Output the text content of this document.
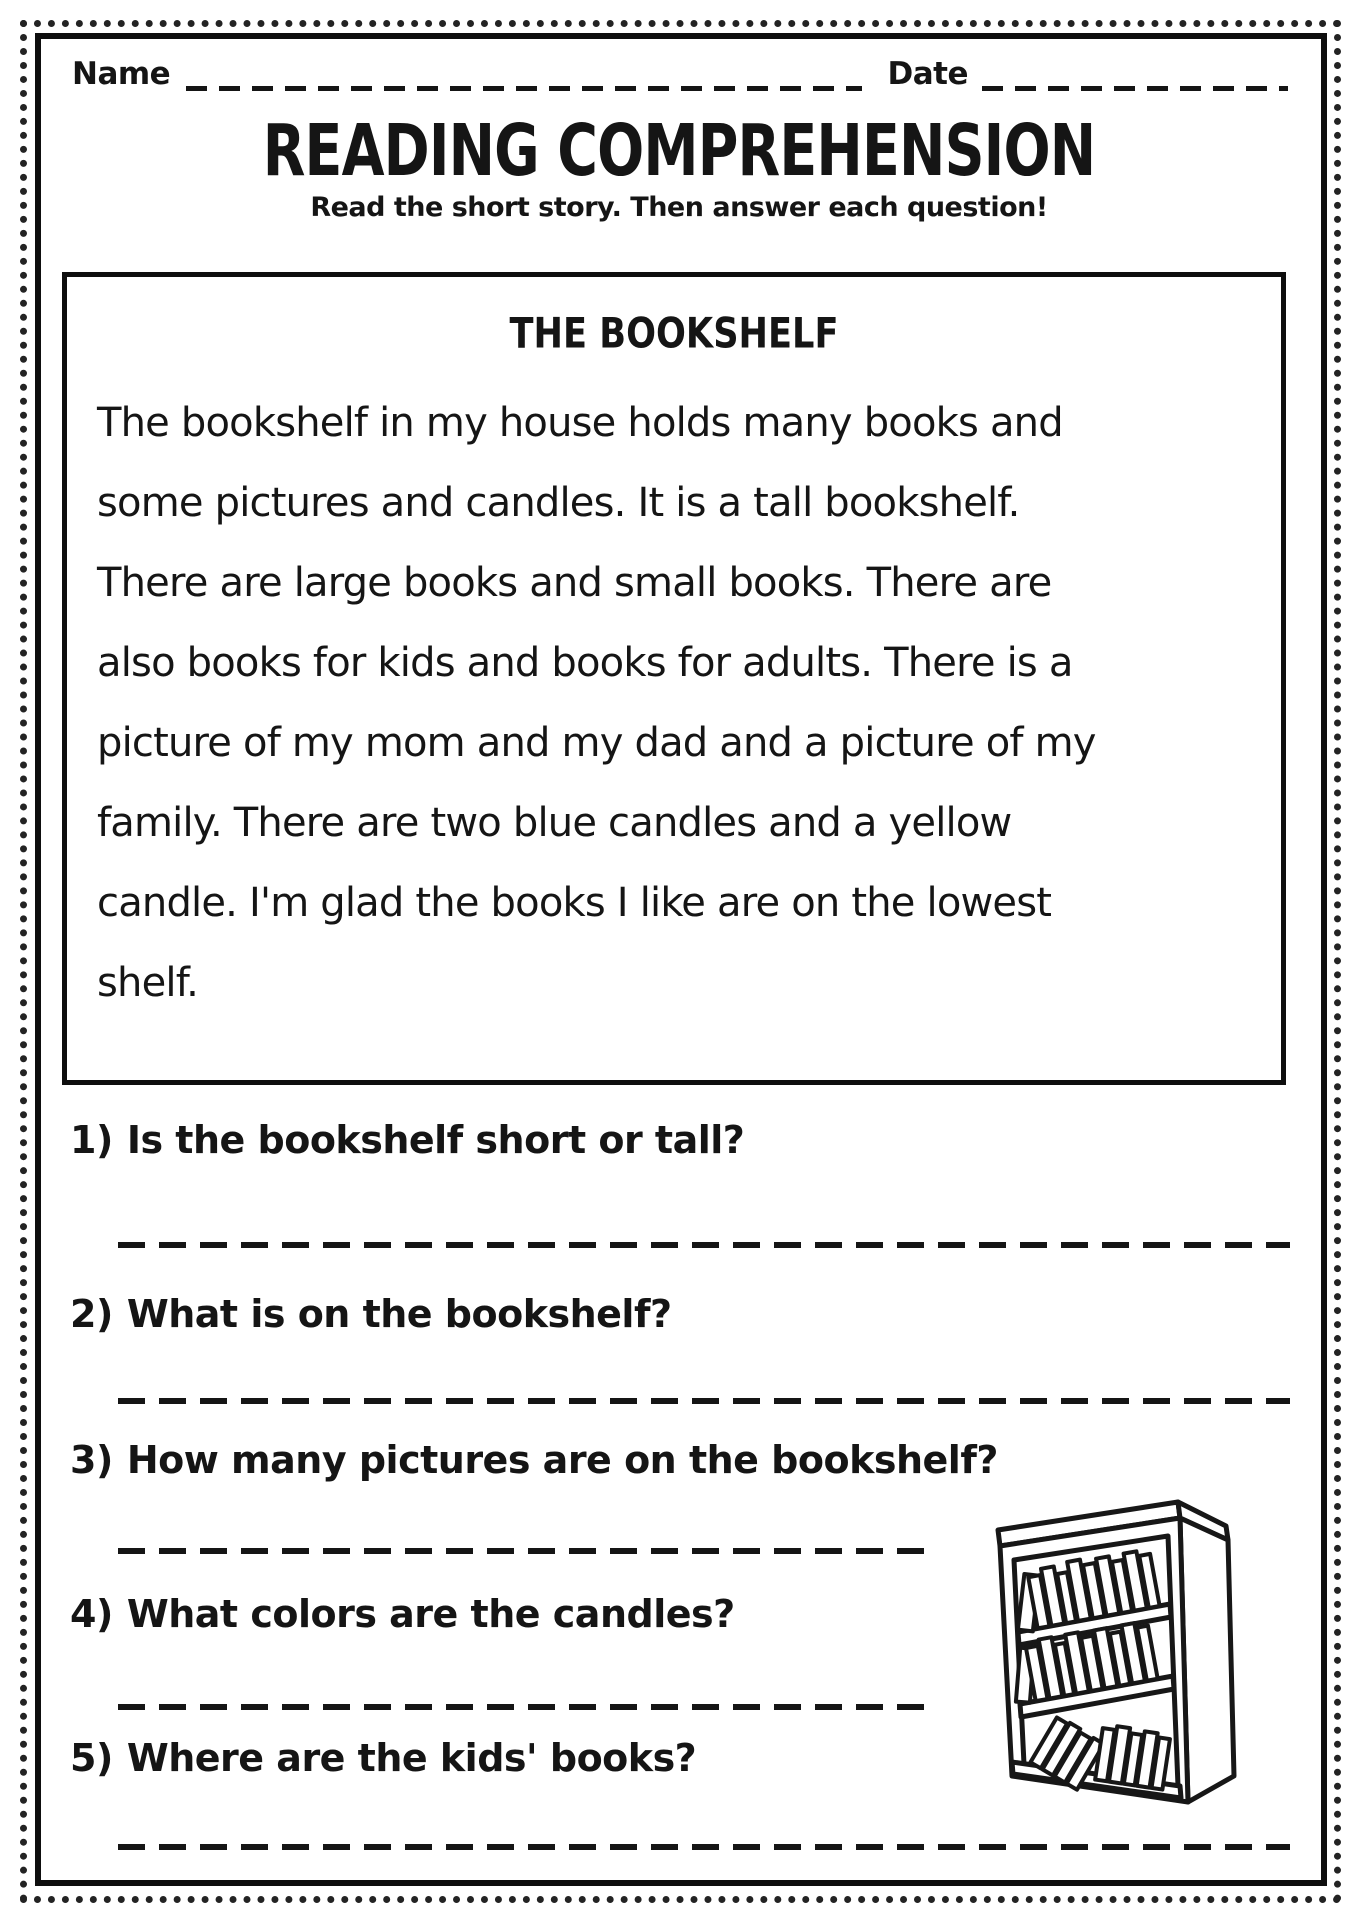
Name	Date
READING COMPREHENSION
Read the short story. Then answer each question!
THE BOOKSHELF
The bookshelf in my house holds many books and
some pictures and candles. It is a tall bookshelf.
There are large books and small books. There are
also books for kids and books for adults. There is a
picture of my mom and my dad and a picture of my
family. There are two blue candles and a yellow
candle. I'm glad the books I like are on the lowest
shelf.
1) Is the bookshelf short or tall?
2) What is on the bookshelf?
3) How many pictures are on the bookshelf?
4) What colors are the candles?
5) Where are the kids' books?
